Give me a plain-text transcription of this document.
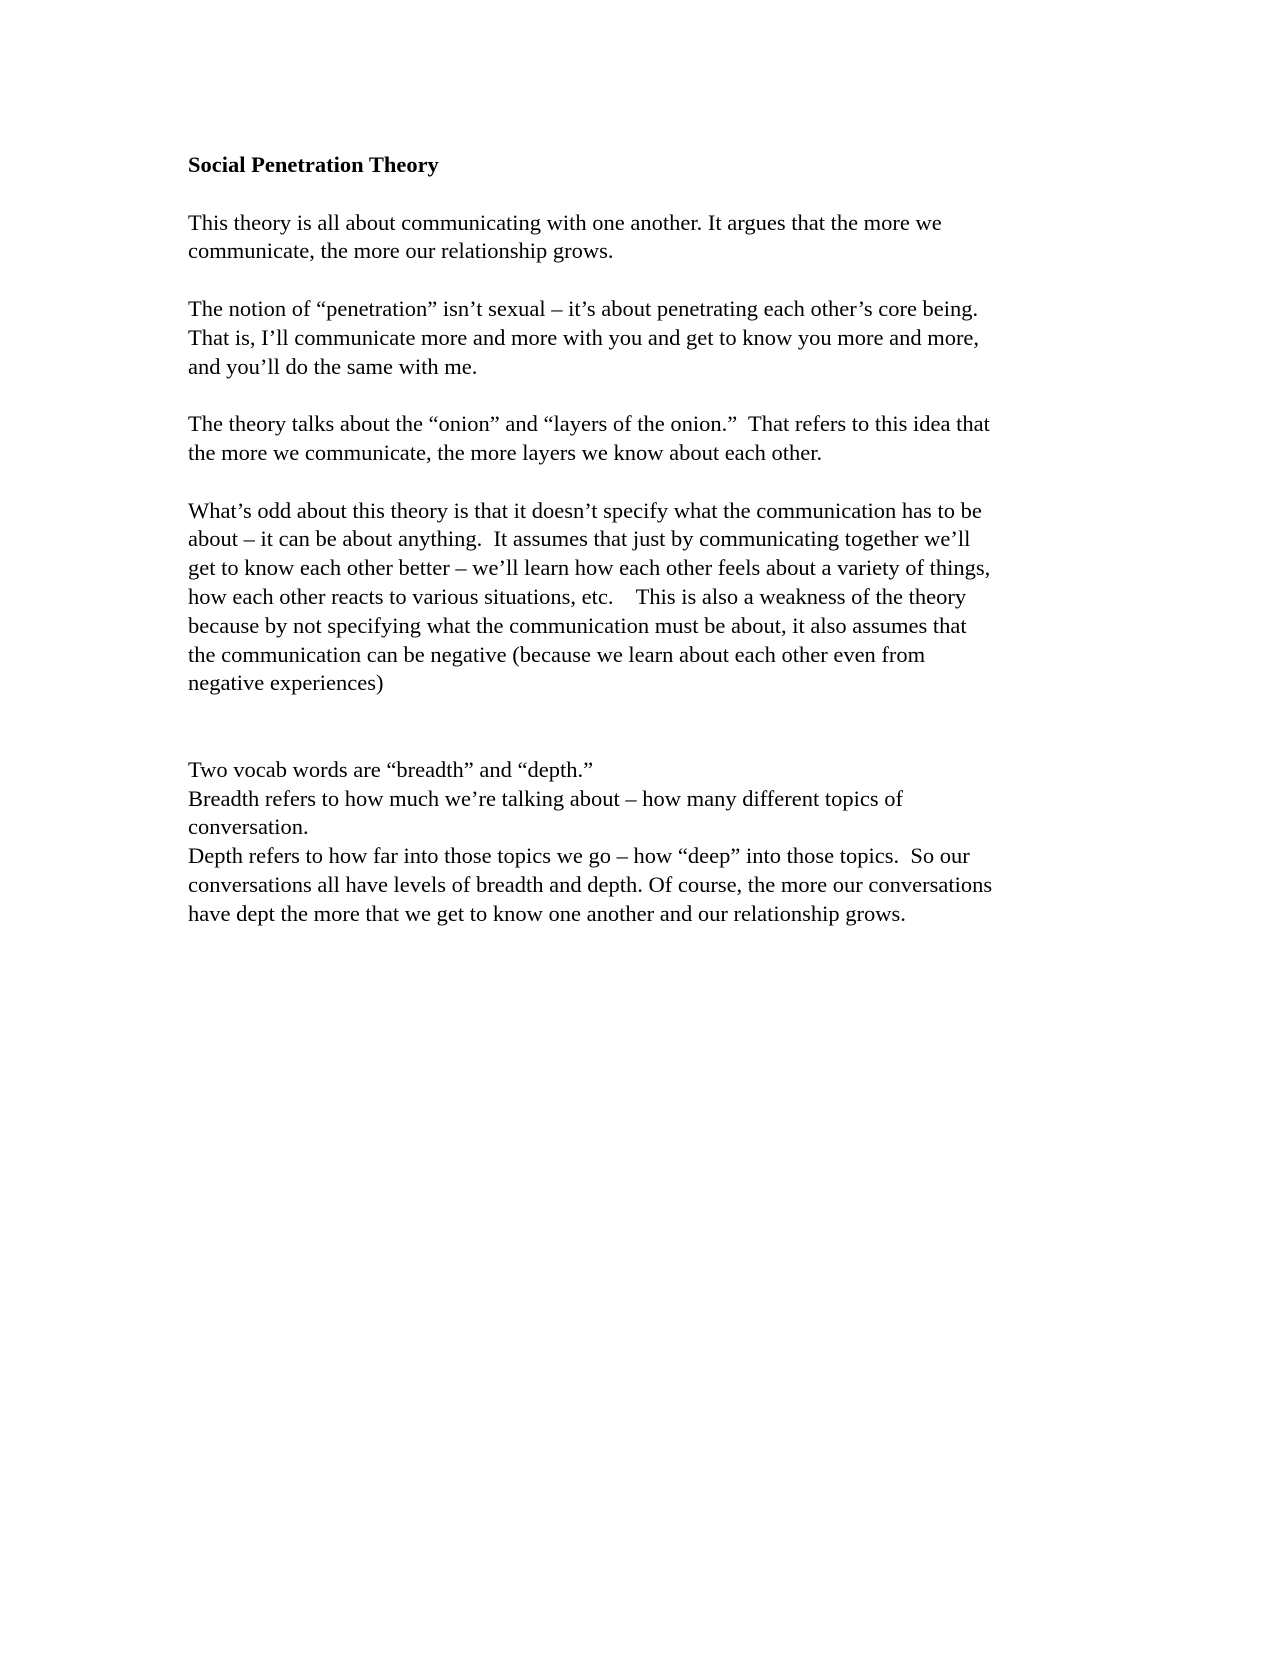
Social Penetration Theory
This theory is all about communicating with one another. It argues that the more we
communicate, the more our relationship grows.
The notion of “penetration” isn’t sexual – it’s about penetrating each other’s core being.
That is, I’ll communicate more and more with you and get to know you more and more,
and you’ll do the same with me.
The theory talks about the “onion” and “layers of the onion.”  That refers to this idea that
the more we communicate, the more layers we know about each other.
What’s odd about this theory is that it doesn’t specify what the communication has to be
about – it can be about anything.  It assumes that just by communicating together we’ll
get to know each other better – we’ll learn how each other feels about a variety of things,
how each other reacts to various situations, etc.    This is also a weakness of the theory
because by not specifying what the communication must be about, it also assumes that
the communication can be negative (because we learn about each other even from
negative experiences)
Two vocab words are “breadth” and “depth.”
Breadth refers to how much we’re talking about – how many different topics of
conversation.
Depth refers to how far into those topics we go – how “deep” into those topics.  So our
conversations all have levels of breadth and depth. Of course, the more our conversations
have dept the more that we get to know one another and our relationship grows.
